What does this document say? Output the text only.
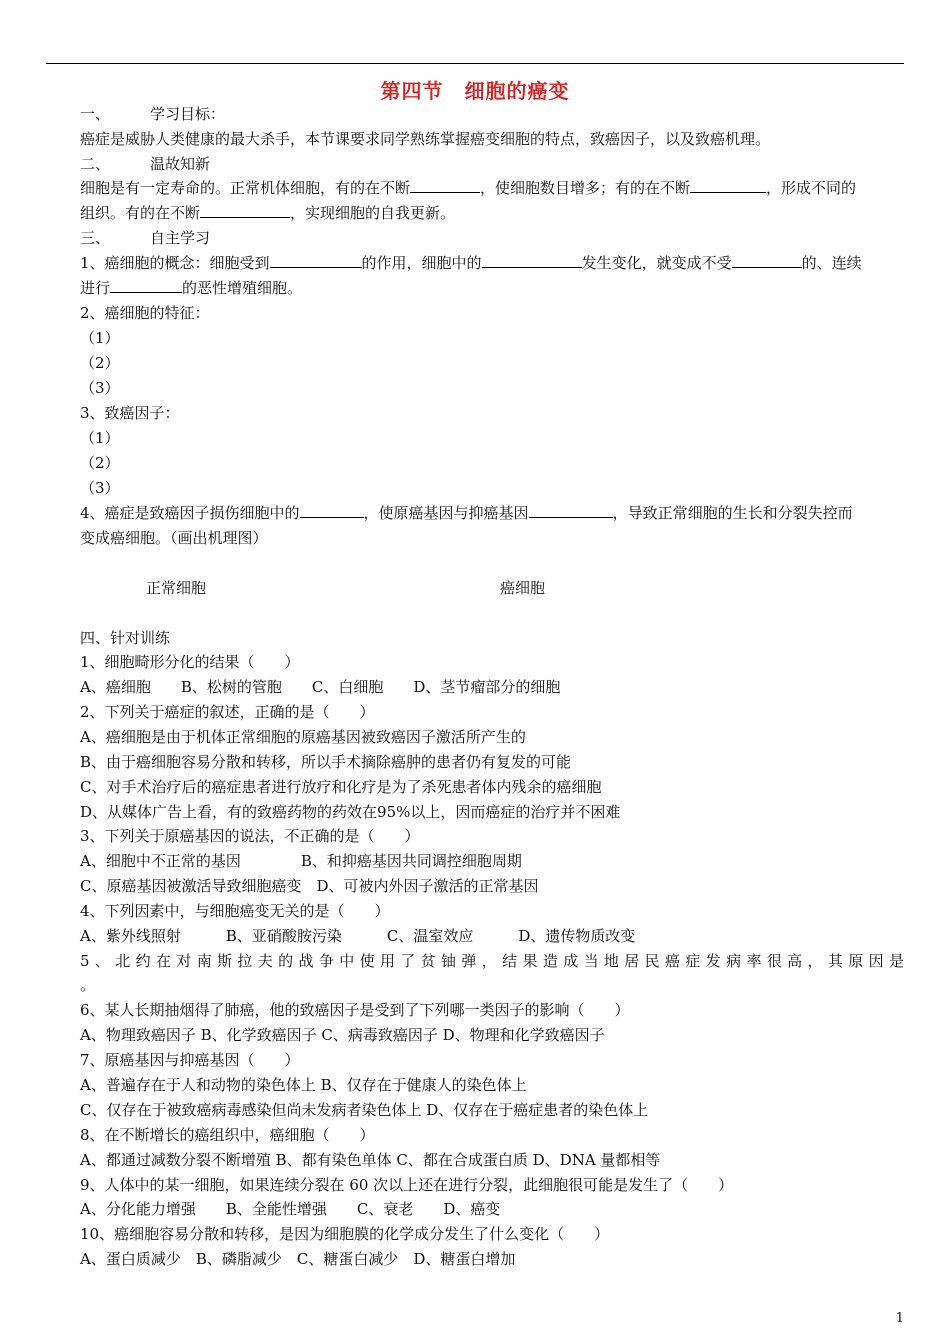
第四节　细胞的癌变
一、	学习目标：
癌症是威胁人类健康的最大杀手，本节课要求同学熟练掌握癌变细胞的特点，致癌因子，以及致癌机理。
二、	温故知新
细胞是有一定寿命的。正常机体细胞，有的在不断	，使细胞数目增多；有的在不断	，形成不同的
组织。有的在不断	，实现细胞的自我更新。
三、	自主学习
1、癌细胞的概念：细胞受到	的作用，细胞中的	发生变化，就变成不受	的、连续
进行	的恶性增殖细胞。
2、癌细胞的特征：
（1）
（2）
（3）
3、致癌因子：
（1）
（2）
（3）
4、癌症是致癌因子损伤细胞中的	，使原癌基因与抑癌基因	，导致正常细胞的生长和分裂失控而
变成癌细胞。（画出机理图）
正常细胞	癌细胞
四、针对训练
1、细胞畸形分化的结果（　　）
A、癌细胞　　B、松树的管胞　　C、白细胞　　D、茎节瘤部分的细胞
2、下列关于癌症的叙述，正确的是（　　）
A、癌细胞是由于机体正常细胞的原癌基因被致癌因子激活所产生的
B、由于癌细胞容易分散和转移，所以手术摘除癌肿的患者仍有复发的可能
C、对手术治疗后的癌症患者进行放疗和化疗是为了杀死患者体内残余的癌细胞
D、从媒体广告上看，有的致癌药物的药效在95%以上，因而癌症的治疗并不困难
3、下列关于原癌基因的说法，不正确的是（　　）
A、细胞中不正常的基因　　　　B、和抑癌基因共同调控细胞周期
C、原癌基因被激活导致细胞癌变　D、可被内外因子激活的正常基因
4、下列因素中，与细胞癌变无关的是（　　）
A、紫外线照射　　　B、亚硝酸胺污染　　　C、温室效应　　　D、遗传物质改变
5、北约在对南斯拉夫的战争中使用了贫铀弹，结果造成当地居民癌症发病率很高，其原因是
。
6、某人长期抽烟得了肺癌，他的致癌因子是受到了下列哪一类因子的影响（　　）
A、物理致癌因子 B、化学致癌因子 C、病毒致癌因子 D、物理和化学致癌因子
7、原癌基因与抑癌基因（　　）
A、普遍存在于人和动物的染色体上 B、仅存在于健康人的染色体上
C、仅存在于被致癌病毒感染但尚未发病者染色体上 D、仅存在于癌症患者的染色体上
8、在不断增长的癌组织中，癌细胞（　　）
A、都通过减数分裂不断增殖 B、都有染色单体 C、都在合成蛋白质 D、DNA 量都相等
9、人体中的某一细胞，如果连续分裂在 60 次以上还在进行分裂，此细胞很可能是发生了（　　）
A、分化能力增强　　B、全能性增强　　C、衰老　　D、癌变
10、癌细胞容易分散和转移，是因为细胞膜的化学成分发生了什么变化（　　）
A、蛋白质减少　B、磷脂减少　C、糖蛋白减少　D、糖蛋白增加
1
